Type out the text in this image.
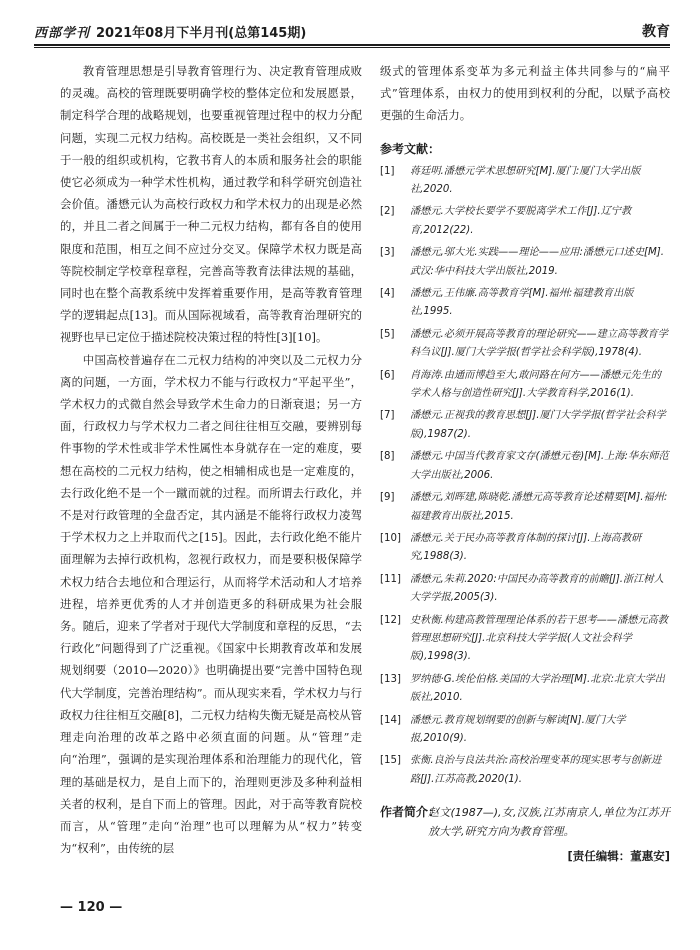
西部学刊 2021年08月下半月刊(总第145期)	教育

教育管理思想是引导教育管理行为、决定教育管理成败的灵魂。高校的管理既要明确学校的整体定位和发展愿景，制定科学合理的战略规划，也要重视管理过程中的权力分配问题，实现二元权力结构。高校既是一类社会组织，又不同于一般的组织或机构，它教书育人的本质和服务社会的职能使它必须成为一种学术性机构，通过教学和科学研究创造社会价值。潘懋元认为高校行政权力和学术权力的出现是必然的，并且二者之间属于一种二元权力结构，都有各自的使用限度和范围，相互之间不应过分交叉。保障学术权力既是高等院校制定学校章程章程，完善高等教育法律法规的基础，同时也在整个高教系统中发挥着重要作用，是高等教育管理学的逻辑起点[13]。而从国际视域看，高等教育治理研究的视野也早已定位于描述院校决策过程的特性[3][10]。

中国高校普遍存在二元权力结构的冲突以及二元权力分离的问题，一方面，学术权力不能与行政权力“平起平坐”，学术权力的式微自然会导致学术生命力的日渐衰退；另一方面，行政权力与学术权力二者之间往往相互交融，要辨别每件事物的学术性或非学术性属性本身就存在一定的难度，要想在高校的二元权力结构，使之相辅相成也是一定难度的，去行政化绝不是一个一蹴而就的过程。而所谓去行政化，并不是对行政管理的全盘否定，其内涵是不能将行政权力凌驾于学术权力之上并取而代之[15]。因此，去行政化绝不能片面理解为去掉行政机构，忽视行政权力，而是要积极保障学术权力结合去地位和合理运行，从而将学术活动和人才培养进程，培养更优秀的人才并创造更多的科研成果为社会服务。随后，迎来了学者对于现代大学制度和章程的反思，“去行政化”问题得到了广泛重视。《国家中长期教育改革和发展规划纲要（2010—2020）》也明确提出要“完善中国特色现代大学制度，完善治理结构”。而从现实来看，学术权力与行政权力往往相互交融[8]，二元权力结构失衡无疑是高校从管理走向治理的改革之路中必须直面的问题。从“管理”走向“治理”，强调的是实现治理体系和治理能力的现代化，管理的基础是权力，是自上而下的，治理则更涉及多种利益相关者的权利，是自下而上的管理。因此，对于高等教育院校而言，从“管理”走向“治理”也可以理解为从“权力”转变为“权利”，由传统的层

级式的管理体系变革为多元利益主体共同参与的“扁平式”管理体系，由权力的使用到权利的分配，以赋予高校更强的生命活力。

参考文献：
[1] 蒋廷明.潘懋元学术思想研究[M].厦门:厦门大学出版社,2020.
[2] 潘懋元.大学校长要学不要脱离学术工作[J].辽宁教育,2012(22).
[3] 潘懋元,邬大光.实践——理论——应用:潘懋元口述史[M].武汉:华中科技大学出版社,2019.
[4] 潘懋元,王伟廉.高等教育学[M].福州:福建教育出版社,1995.
[5] 潘懋元.必须开展高等教育的理论研究——建立高等教育学科刍议[J].厦门大学学报(哲学社会科学版),1978(4).
[6] 肖海涛.由通而博趋至大,敢问路在何方——潘懋元先生的学术人格与创造性研究[J].大学教育科学,2016(1).
[7] 潘懋元.正视我的教育思想[J].厦门大学学报(哲学社会科学版),1987(2).
[8] 潘懋元.中国当代教育家文存(潘懋元卷)[M].上海:华东师范大学出版社,2006.
[9] 潘懋元,刘晖建,陈晓乾.潘懋元高等教育论述精要[M].福州:福建教育出版社,2015.
[10] 潘懋元.关于民办高等教育体制的探讨[J].上海高教研究,1988(3).
[11] 潘懋元,朱莉.2020:中国民办高等教育的前瞻[J].浙江树人大学学报,2005(3).
[12] 史秋衡.构建高教管理理论体系的若干思考——潘懋元高教管理思想研究[J].北京科技大学学报(人文社会科学版),1998(3).
[13] 罗纳德·G.埃伦伯格.美国的大学治理[M].北京:北京大学出版社,2010.
[14] 潘懋元.教育规划纲要的创新与解读[N].厦门大学报,2010(9).
[15] 张衡.良治与良法共治:高校治理变革的现实思考与创新进路[J].江苏高教,2020(1).
作者简介：
赵文(1987—),女,汉族,江苏南京人,单位为江苏开放大学,研究方向为教育管理。
[责任编辑：董惠安]
— 120 —
